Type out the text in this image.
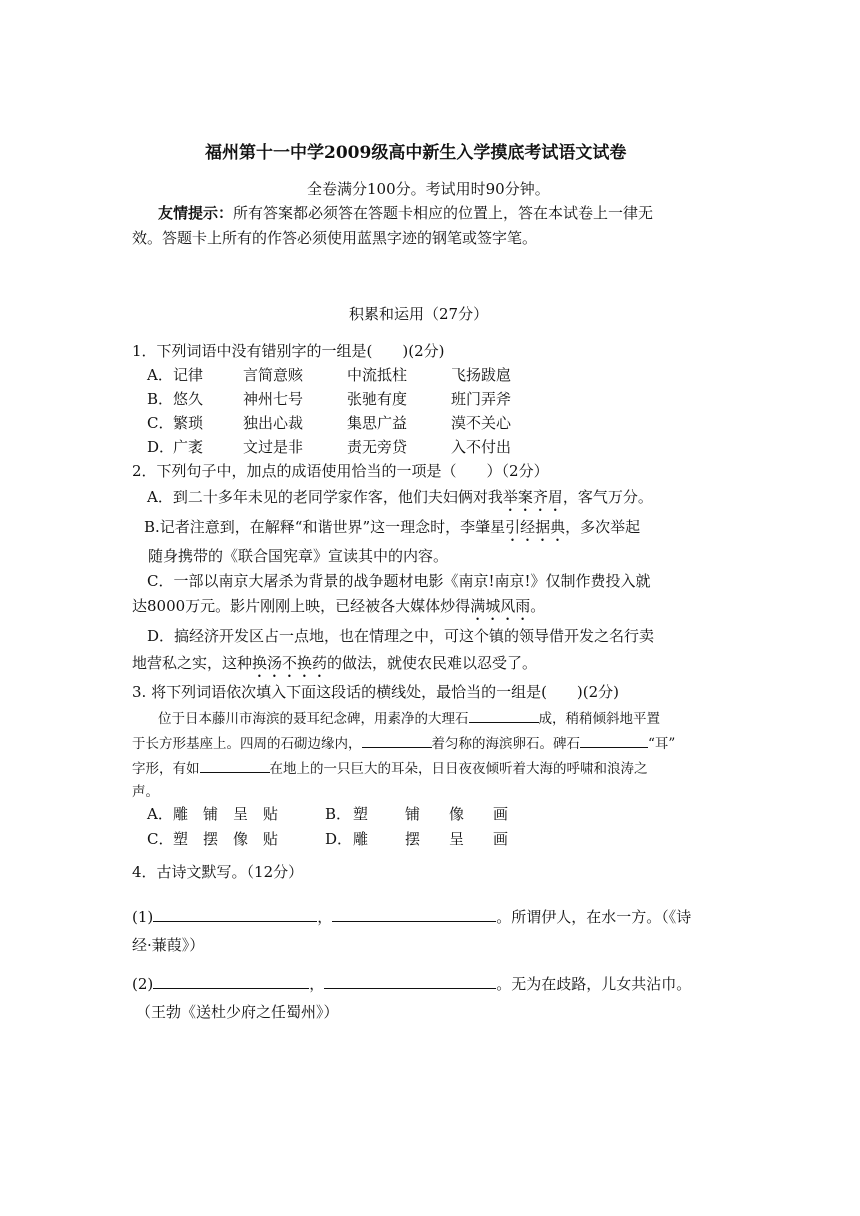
福州第十一中学2009级高中新生入学摸底考试语文试卷
全卷满分100分。考试用时90分钟。
友情提示：所有答案都必须答在答题卡相应的位置上，答在本试卷上一律无
效。答题卡上所有的作答必须使用蓝黑字迹的钢笔或签字笔。
积累和运用（27分）
1．下列词语中没有错别字的一组是(　　)(2分)
A．记律	言简意赅	中流抵柱	飞扬跋扈
B．悠久	神州七号	张驰有度	班门弄斧
C．繁琐	独出心裁	集思广益	漠不关心
D．广袤	文过是非	责无旁贷	入不付出
2．下列句子中，加点的成语使用恰当的一项是（　　）（2分）
A．到二十多年未见的老同学家作客，他们夫妇俩对我举案齐眉，客气万分。
B.记者注意到，在解释“和谐世界”这一理念时，李肇星引经据典，多次举起
随身携带的《联合国宪章》宣读其中的内容。
C．一部以南京大屠杀为背景的战争题材电影《南京!南京!》仅制作费投入就
达8000万元。影片刚刚上映，已经被各大媒体炒得满城风雨。
D．搞经济开发区占一点地，也在情理之中，可这个镇的领导借开发之名行卖
地营私之实，这种换汤不换药的做法，就使农民难以忍受了。
3. 将下列词语依次填入下面这段话的横线处，最恰当的一组是(　　)(2分)
位于日本藤川市海滨的聂耳纪念碑，用素净的大理石	成，稍稍倾斜地平置
于长方形基座上。四周的石砌边缘内，	着匀称的海滨卵石。碑石	“耳”
字形，有如	在地上的一只巨大的耳朵，日日夜夜倾听着大海的呼啸和浪涛之
声。
A．雕 铺 呈 贴	B． 塑 铺 像 画
C．塑 摆 像 贴	D．雕 摆 呈 画
4．古诗文默写。（12分）
(1)	，	。所谓伊人，在水一方。（《诗
经·蒹葭》）
(2)	，	。无为在歧路，儿女共沾巾。
（王勃《送杜少府之任蜀州》）
